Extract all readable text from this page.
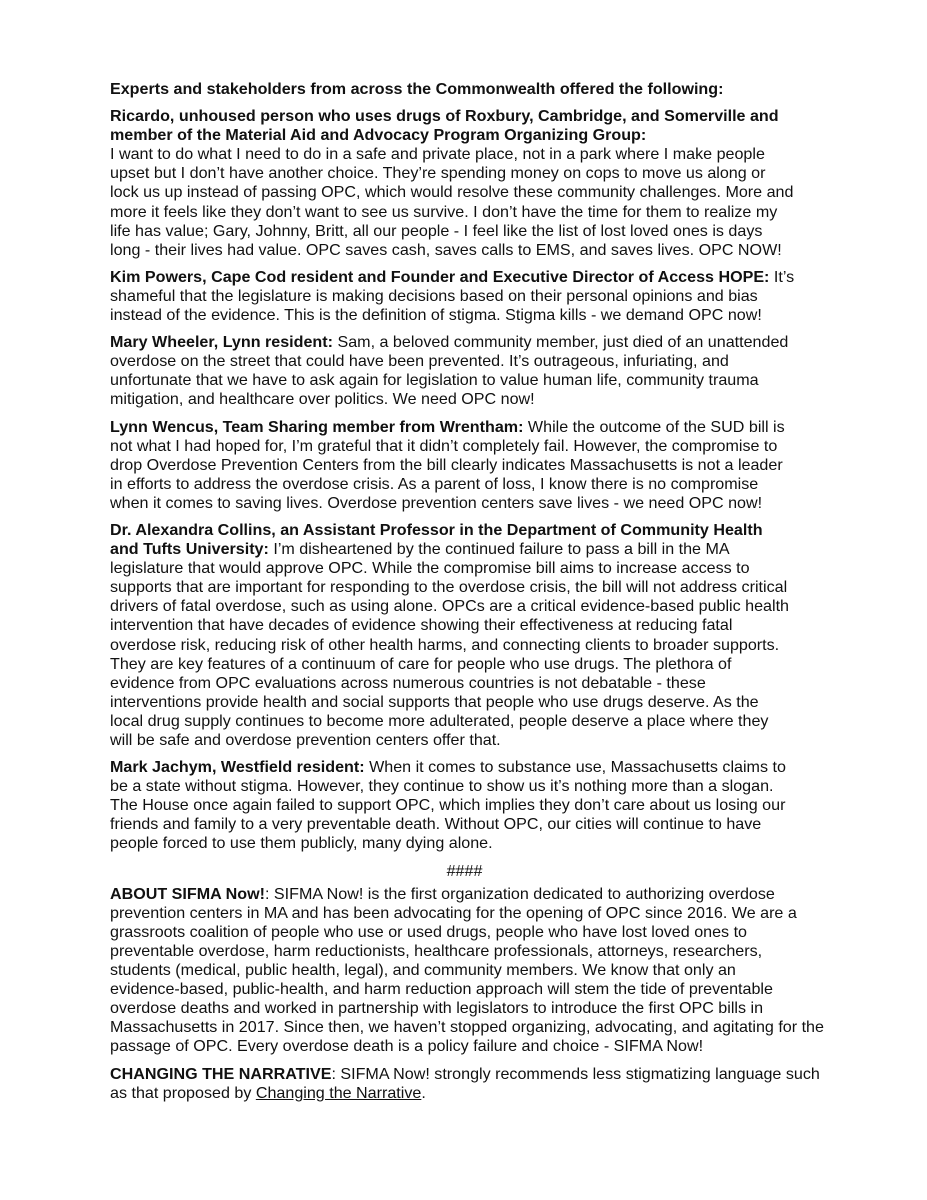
Experts and stakeholders from across the Commonwealth offered the following:

Ricardo, unhoused person who uses drugs of Roxbury, Cambridge, and Somerville and
member of the Material Aid and Advocacy Program Organizing Group:
I want to do what I need to do in a safe and private place, not in a park where I make people
upset but I don’t have another choice. They’re spending money on cops to move us along or
lock us up instead of passing OPC, which would resolve these community challenges. More and
more it feels like they don’t want to see us survive. I don’t have the time for them to realize my
life has value; Gary, Johnny, Britt, all our people - I feel like the list of lost loved ones is days
long - their lives had value. OPC saves cash, saves calls to EMS, and saves lives. OPC NOW!

Kim Powers, Cape Cod resident and Founder and Executive Director of Access HOPE: It’s
shameful that the legislature is making decisions based on their personal opinions and bias
instead of the evidence. This is the definition of stigma. Stigma kills - we demand OPC now!

Mary Wheeler, Lynn resident: Sam, a beloved community member, just died of an unattended
overdose on the street that could have been prevented. It’s outrageous, infuriating, and
unfortunate that we have to ask again for legislation to value human life, community trauma
mitigation, and healthcare over politics. We need OPC now!

Lynn Wencus, Team Sharing member from Wrentham: While the outcome of the SUD bill is
not what I had hoped for, I’m grateful that it didn’t completely fail. However, the compromise to
drop Overdose Prevention Centers from the bill clearly indicates Massachusetts is not a leader
in efforts to address the overdose crisis. As a parent of loss, I know there is no compromise
when it comes to saving lives. Overdose prevention centers save lives - we need OPC now!

Dr. Alexandra Collins, an Assistant Professor in the Department of Community Health
and Tufts University: I’m disheartened by the continued failure to pass a bill in the MA
legislature that would approve OPC. While the compromise bill aims to increase access to
supports that are important for responding to the overdose crisis, the bill will not address critical
drivers of fatal overdose, such as using alone. OPCs are a critical evidence-based public health
intervention that have decades of evidence showing their effectiveness at reducing fatal
overdose risk, reducing risk of other health harms, and connecting clients to broader supports.
They are key features of a continuum of care for people who use drugs. The plethora of
evidence from OPC evaluations across numerous countries is not debatable - these
interventions provide health and social supports that people who use drugs deserve. As the
local drug supply continues to become more adulterated, people deserve a place where they
will be safe and overdose prevention centers offer that.

Mark Jachym, Westfield resident: When it comes to substance use, Massachusetts claims to
be a state without stigma. However, they continue to show us it’s nothing more than a slogan.
The House once again failed to support OPC, which implies they don’t care about us losing our
friends and family to a very preventable death. Without OPC, our cities will continue to have
people forced to use them publicly, many dying alone.

####

ABOUT SIFMA Now!: SIFMA Now! is the first organization dedicated to authorizing overdose
prevention centers in MA and has been advocating for the opening of OPC since 2016. We are a
grassroots coalition of people who use or used drugs, people who have lost loved ones to
preventable overdose, harm reductionists, healthcare professionals, attorneys, researchers,
students (medical, public health, legal), and community members. We know that only an
evidence-based, public-health, and harm reduction approach will stem the tide of preventable
overdose deaths and worked in partnership with legislators to introduce the first OPC bills in
Massachusetts in 2017. Since then, we haven’t stopped organizing, advocating, and agitating for the
passage of OPC. Every overdose death is a policy failure and choice - SIFMA Now!

CHANGING THE NARRATIVE: SIFMA Now! strongly recommends less stigmatizing language such
as that proposed by Changing the Narrative.
